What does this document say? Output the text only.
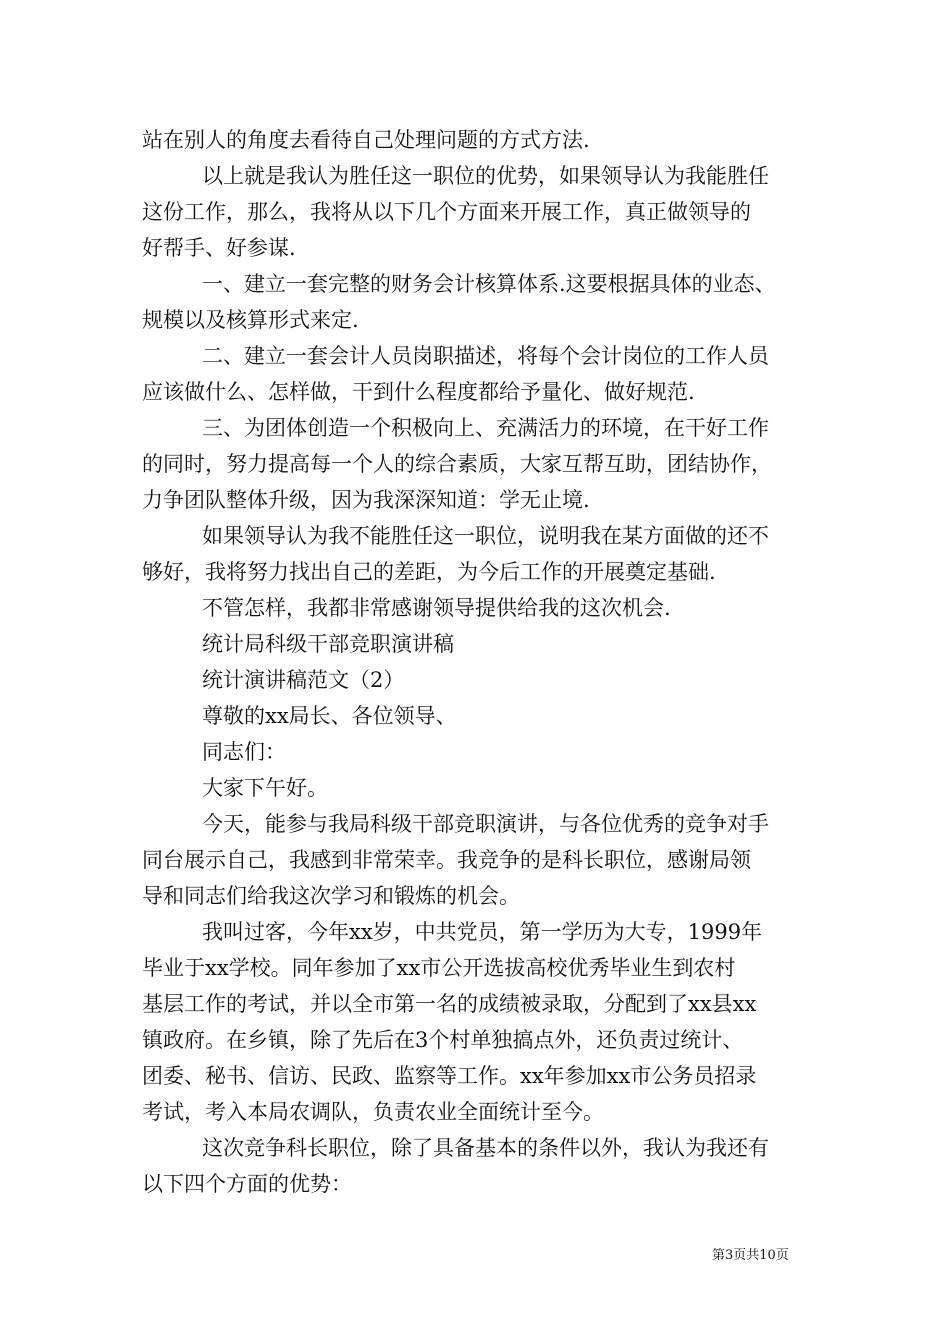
站在别人的角度去看待自己处理问题的方式方法.
以上就是我认为胜任这一职位的优势，如果领导认为我能胜任
这份工作，那么，我将从以下几个方面来开展工作，真正做领导的
好帮手、好参谋.
一、建立一套完整的财务会计核算体系.这要根据具体的业态、
规模以及核算形式来定.
二、建立一套会计人员岗职描述，将每个会计岗位的工作人员
应该做什么、怎样做，干到什么程度都给予量化、做好规范.
三、为团体创造一个积极向上、充满活力的环境，在干好工作
的同时，努力提高每一个人的综合素质，大家互帮互助，团结协作，
力争团队整体升级，因为我深深知道：学无止境.
如果领导认为我不能胜任这一职位，说明我在某方面做的还不
够好，我将努力找出自己的差距，为今后工作的开展奠定基础.
不管怎样，我都非常感谢领导提供给我的这次机会.
统计局科级干部竞职演讲稿
统计演讲稿范文（2）
尊敬的xx局长、各位领导、
同志们：
大家下午好。
今天，能参与我局科级干部竞职演讲，与各位优秀的竞争对手
同台展示自己，我感到非常荣幸。我竞争的是科长职位，感谢局领
导和同志们给我这次学习和锻炼的机会。
我叫过客，今年xx岁，中共党员，第一学历为大专，1999年
毕业于xx学校。同年参加了xx市公开选拔高校优秀毕业生到农村
基层工作的考试，并以全市第一名的成绩被录取，分配到了xx县xx
镇政府。在乡镇，除了先后在3个村单独搞点外，还负责过统计、
团委、秘书、信访、民政、监察等工作。xx年参加xx市公务员招录
考试，考入本局农调队，负责农业全面统计至今。
这次竞争科长职位，除了具备基本的条件以外，我认为我还有
以下四个方面的优势：
第3页共10页
